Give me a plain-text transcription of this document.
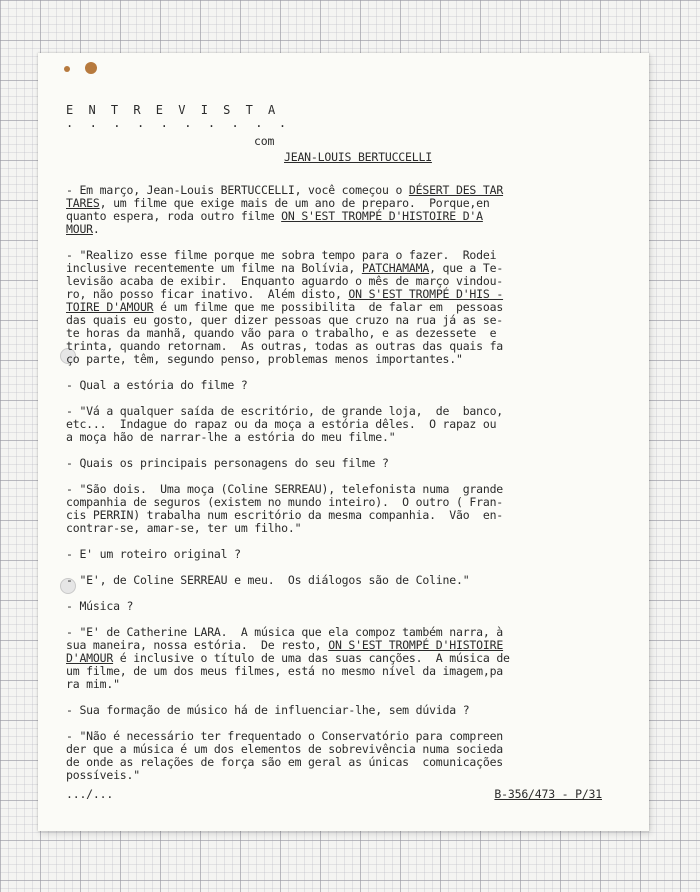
E N T R E V I S T A

. . . . . . . . . .

com

JEAN-LOUIS BERTUCCELLI

- Em março, Jean-Louis BERTUCCELLI, você começou o DÉSERT DES TAR

TARES, um filme que exige mais de um ano de preparo.  Porque,en

quanto espera, roda outro filme ON S'EST TROMPÉ D'HISTOIRE D'A

MOUR.

- "Realizo esse filme porque me sobra tempo para o fazer.  Rodei

inclusive recentemente um filme na Bolívia, PATCHAMAMA, que a Te-

levisão acaba de exibir.  Enquanto aguardo o mês de março vindou-

ro, não posso ficar inativo.  Além disto, ON S'EST TROMPÉ D'HIS -

TOIRE D'AMOUR é um filme que me possibilita  de falar em  pessoas

das quais eu gosto, quer dizer pessoas que cruzo na rua já as se-

te horas da manhã, quando vão para o trabalho, e as dezessete  e

trinta, quando retornam.  As outras, todas as outras das quais fa

ço parte, têm, segundo penso, problemas menos importantes."

- Qual a estória do filme ?

- "Vá a qualquer saída de escritório, de grande loja,  de  banco,

etc...  Indague do rapaz ou da moça a estória dêles.  O rapaz ou

a moça hão de narrar-lhe a estória do meu filme."

- Quais os principais personagens do seu filme ?

- "São dois.  Uma moça (Coline SERREAU), telefonista numa  grande

companhia de seguros (existem no mundo inteiro).  O outro ( Fran-

cis PERRIN) trabalha num escritório da mesma companhia.  Vão  en-

contrar-se, amar-se, ter um filho."

- E' um roteiro original ?

- "E', de Coline SERREAU e meu.  Os diálogos são de Coline."

- Música ?

- "E' de Catherine LARA.  A música que ela compoz também narra, à

sua maneira, nossa estória.  De resto, ON S'EST TROMPÉ D'HISTOIRE

D'AMOUR é inclusive o título de uma das suas canções.  A música de

um filme, de um dos meus filmes, está no mesmo nível da imagem,pa

ra mim."

- Sua formação de músico há de influenciar-lhe, sem dúvida ?

- "Não é necessário ter frequentado o Conservatório para compreen

der que a música é um dos elementos de sobrevivência numa socieda

de onde as relações de força são em geral as únicas  comunicações

possíveis."

.../...	B-356/473 - P/31
